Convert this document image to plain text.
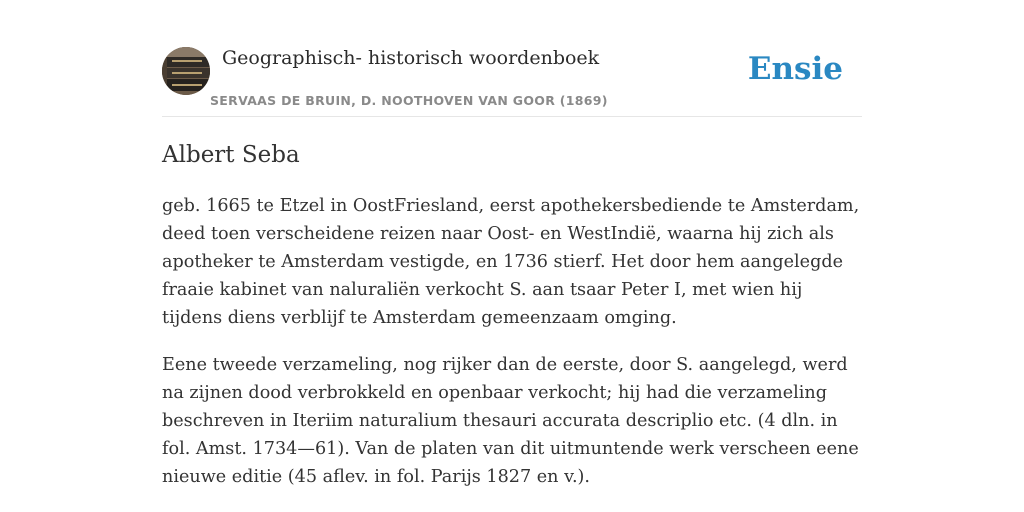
Geographisch- historisch woordenboek
SERVAAS DE BRUIN, D. NOOTHOVEN VAN GOOR (1869)
Ensie
Albert Seba

geb. 1665 te Etzel in OostFriesland, eerst apothekersbediende te Amsterdam, deed toen verscheidene reizen naar Oost- en WestIndië, waarna hij zich als apotheker te Amsterdam vestigde, en 1736 stierf. Het door hem aangelegde fraaie kabinet van naluraliën verkocht S. aan tsaar Peter I, met wien hij tijdens diens verblijf te Amsterdam gemeenzaam omging.

Eene tweede verzameling, nog rijker dan de eerste, door S. aangelegd, werd na zijnen dood verbrokkeld en openbaar verkocht; hij had die verzameling beschreven in Iteriim naturalium thesauri accurata descriplio etc. (4 dln. in fol. Amst. 1734—61). Van de platen van dit uitmuntende werk verscheen eene nieuwe editie (45 aflev. in fol. Parijs 1827 en v.).
